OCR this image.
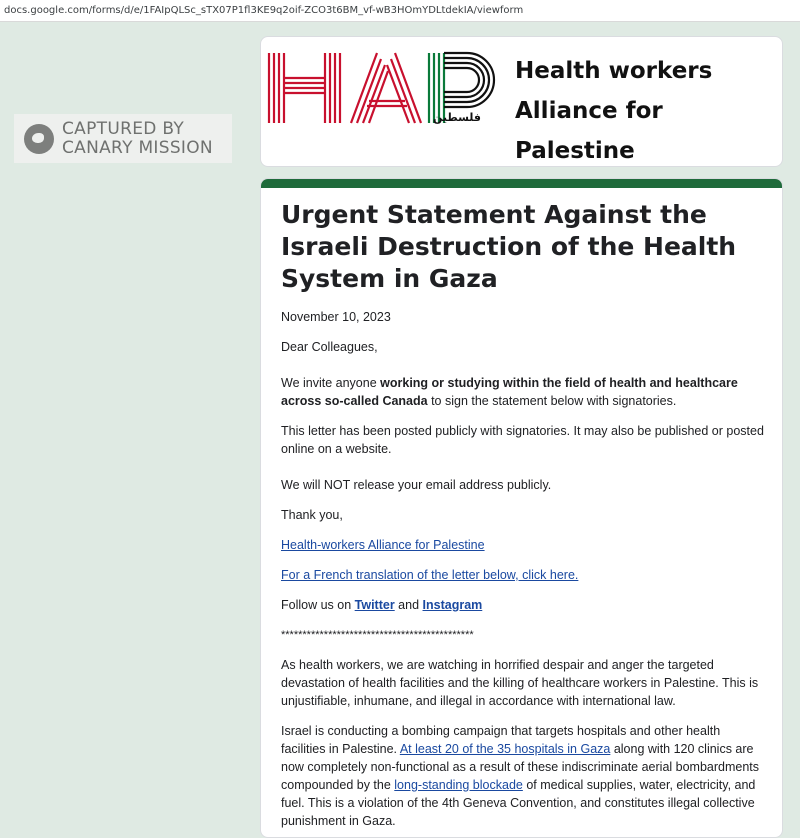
docs.google.com/forms/d/e/1FAIpQLSc_sTX07P1fl3KE9q2oif-ZCO3t6BM_vf-wB3HOmYDLtdekIA/viewform
CAPTURED BY
CANARY MISSION
فلسطين
Health workers
Alliance for Palestine
Urgent Statement Against the Israeli Destruction of the Health System in Gaza

November 10, 2023

Dear Colleagues,

We invite anyone working or studying within the field of health and healthcare across so-called Canada to sign the statement below with signatories.

This letter has been posted publicly with signatories. It may also be published or posted online on a website.

We will NOT release your email address publicly.

Thank you,

Health-workers Alliance for Palestine

For a French translation of the letter below, click here.

Follow us on Twitter and Instagram

*********************************************

As health workers, we are watching in horrified despair and anger the targeted devastation of health facilities and the killing of healthcare workers in Palestine. This is unjustifiable, inhumane, and illegal in accordance with international law.

Israel is conducting a bombing campaign that targets hospitals and other health facilities in Palestine. At least 20 of the 35 hospitals in Gaza along with 120 clinics are now completely non-functional as a result of these indiscriminate aerial bombardments compounded by the long-standing blockade of medical supplies, water, electricity, and fuel. This is a violation of the 4th Geneva Convention, and constitutes illegal collective punishment in Gaza.
